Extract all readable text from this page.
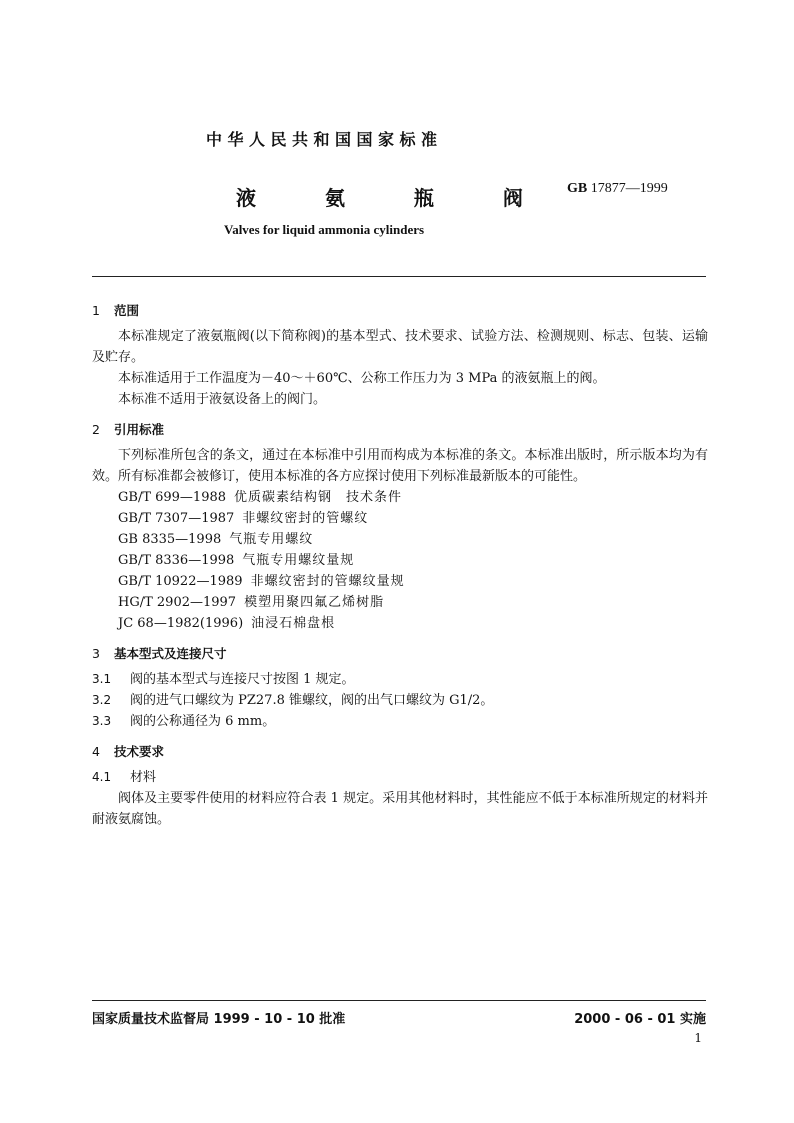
中华人民共和国国家标准
液 氨 瓶 阀 GB 17877—1999
Valves for liquid ammonia cylinders
1 范围

本标准规定了液氨瓶阀(以下简称阀)的基本型式、技术要求、试验方法、检测规则、标志、包装、运输及贮存。

本标准适用于工作温度为－40～＋60℃、公称工作压力为 3 MPa 的液氨瓶上的阀。

本标准不适用于液氨设备上的阀门。

2 引用标准

下列标准所包含的条文，通过在本标准中引用而构成为本标准的条文。本标准出版时，所示版本均为有效。所有标准都会被修订，使用本标准的各方应探讨使用下列标准最新版本的可能性。

GB/T 699—1988 优质碳素结构钢　技术条件
GB/T 7307—1987 非螺纹密封的管螺纹
GB 8335—1998 气瓶专用螺纹
GB/T 8336—1998 气瓶专用螺纹量规
GB/T 10922—1989 非螺纹密封的管螺纹量规
HG/T 2902—1997 模塑用聚四氟乙烯树脂
JC 68—1982(1996) 油浸石棉盘根
3 基本型式及连接尺寸
3.1 阀的基本型式与连接尺寸按图 1 规定。
3.2 阀的进气口螺纹为 PZ27.8 锥螺纹，阀的出气口螺纹为 G1/2。
3.3 阀的公称通径为 6 mm。
4 技术要求
4.1 材料

阀体及主要零件使用的材料应符合表 1 规定。采用其他材料时，其性能应不低于本标准所规定的材料并耐液氨腐蚀。

国家质量技术监督局 1999 - 10 - 10 批准	2000 - 06 - 01 实施
1
